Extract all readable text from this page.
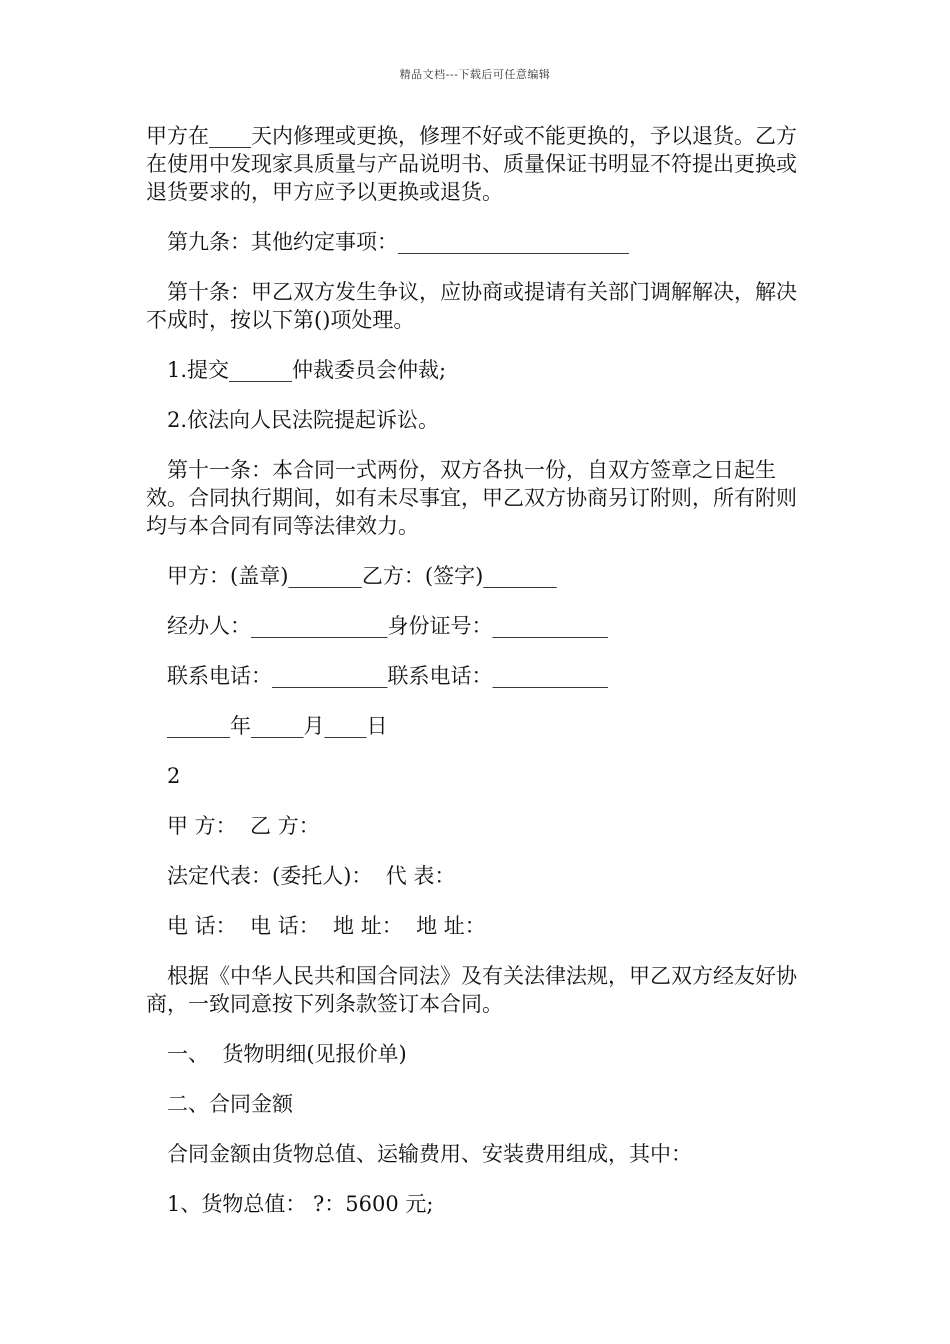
精品文档---下载后可任意编辑

甲方在____天内修理或更换，修理不好或不能更换的，予以退货。乙方在使用中发现家具质量与产品说明书、质量保证书明显不符提出更换或退货要求的，甲方应予以更换或退货。

第九条：其他约定事项：______________________

第十条：甲乙双方发生争议，应协商或提请有关部门调解解决，解决不成时，按以下第()项处理。

1.提交______仲裁委员会仲裁;

2.依法向人民法院提起诉讼。

第十一条：本合同一式两份，双方各执一份，自双方签章之日起生效。合同执行期间，如有未尽事宜，甲乙双方协商另订附则，所有附则均与本合同有同等法律效力。

甲方：(盖章)_______乙方：(签字)_______

经办人：_____________身份证号：___________

联系电话：___________联系电话：___________

______年_____月____日

2

甲 方：  乙 方：

法定代表：(委托人)：  代 表：

电 话：  电 话：  地 址：  地 址：

根据《中华人民共和国合同法》及有关法律法规，甲乙双方经友好协商，一致同意按下列条款签订本合同。

一、  货物明细(见报价单)

二、合同金额

合同金额由货物总值、运输费用、安装费用组成，其中：

1、货物总值： ?：5600 元;
